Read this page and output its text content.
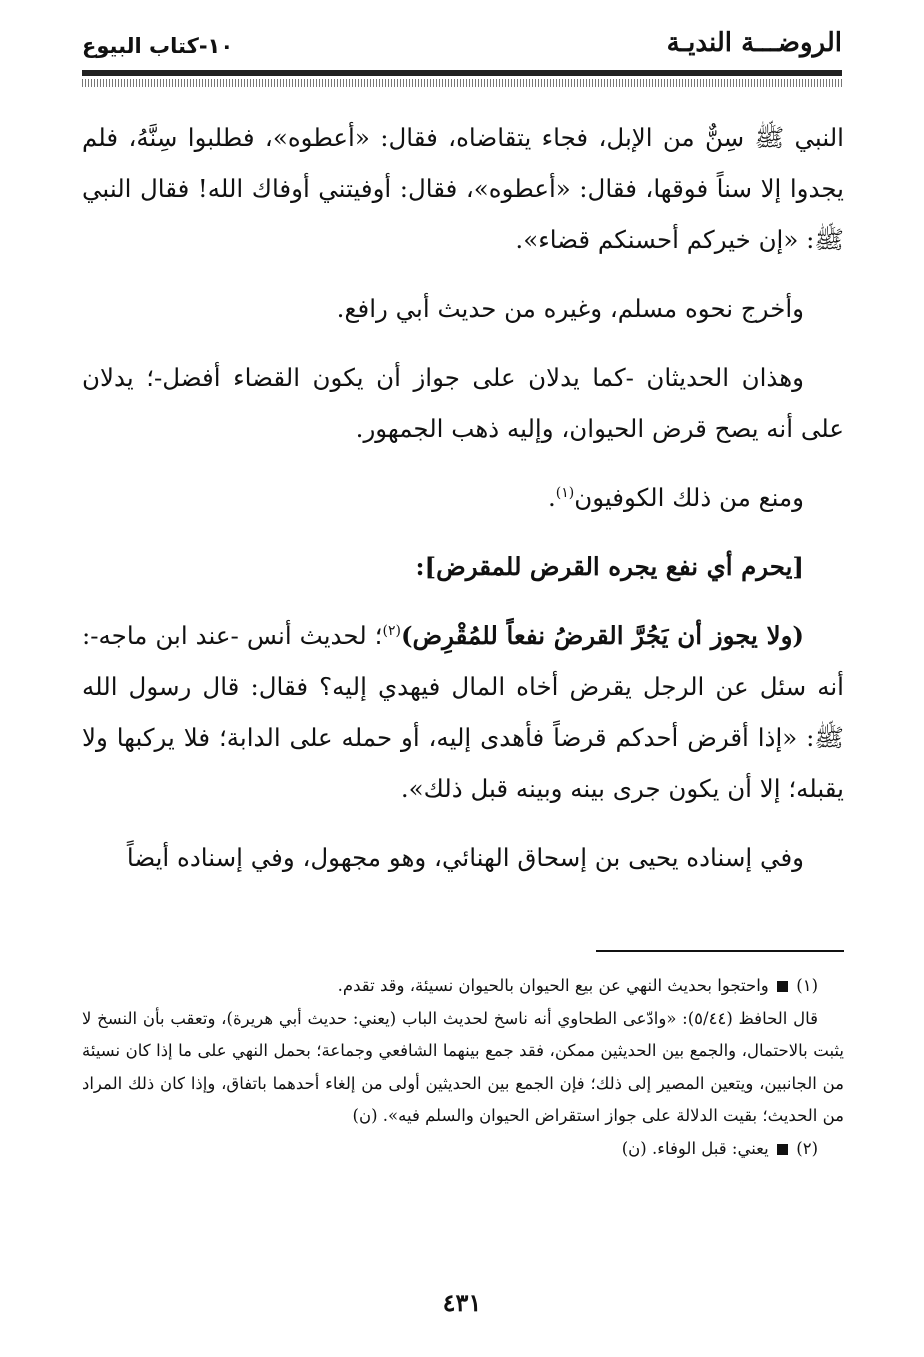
الروضـــة النديـة
١٠-كتاب البيوع

النبي ﷺ سِنٌّ من الإبل، فجاء يتقاضاه، فقال: «أعطوه»، فطلبوا سِنَّهُ، فلم يجدوا إلا سناً فوقها، فقال: «أعطوه»، فقال: أوفيتني أوفاك الله! فقال النبي ﷺ: «إن خيركم أحسنكم قضاء».

وأخرج نحوه مسلم، وغيره من حديث أبي رافع.

وهذان الحديثان -كما يدلان على جواز أن يكون القضاء أفضل-؛ يدلان على أنه يصح قرض الحيوان، وإليه ذهب الجمهور.

ومنع من ذلك الكوفيون$^{(١)}$.

[يحرم أي نفع يجره القرض للمقرض]:

(ولا يجوز أن يَجُرَّ القرضُ نفعاً للمُقْرِض)$^{(٢)}$؛ لحديث أنس -عند ابن ماجه-: أنه سئل عن الرجل يقرض أخاه المال فيهدي إليه؟ فقال: قال رسول الله ﷺ: «إذا أقرض أحدكم قرضاً فأهدى إليه، أو حمله على الدابة؛ فلا يركبها ولا يقبله؛ إلا أن يكون جرى بينه وبينه قبل ذلك».

وفي إسناده يحيى بن إسحاق الهنائي، وهو مجهول، وفي إسناده أيضاً

(١)  واحتجوا بحديث النهي عن بيع الحيوان بالحيوان نسيئة، وقد تقدم.

قال الحافظ (٥/٤٤): «وادّعى الطحاوي أنه ناسخ لحديث الباب (يعني: حديث أبي هريرة)، وتعقب بأن النسخ لا يثبت بالاحتمال، والجمع بين الحديثين ممكن، فقد جمع بينهما الشافعي وجماعة؛ بحمل النهي على ما إذا كان نسيئة من الجانبين، ويتعين المصير إلى ذلك؛ فإن الجمع بين الحديثين أولى من إلغاء أحدهما باتفاق، وإذا كان ذلك المراد من الحديث؛ بقيت الدلالة على جواز استقراض الحيوان والسلم فيه». (ن)

(٢)  يعني: قبل الوفاء. (ن)

٤٣١
